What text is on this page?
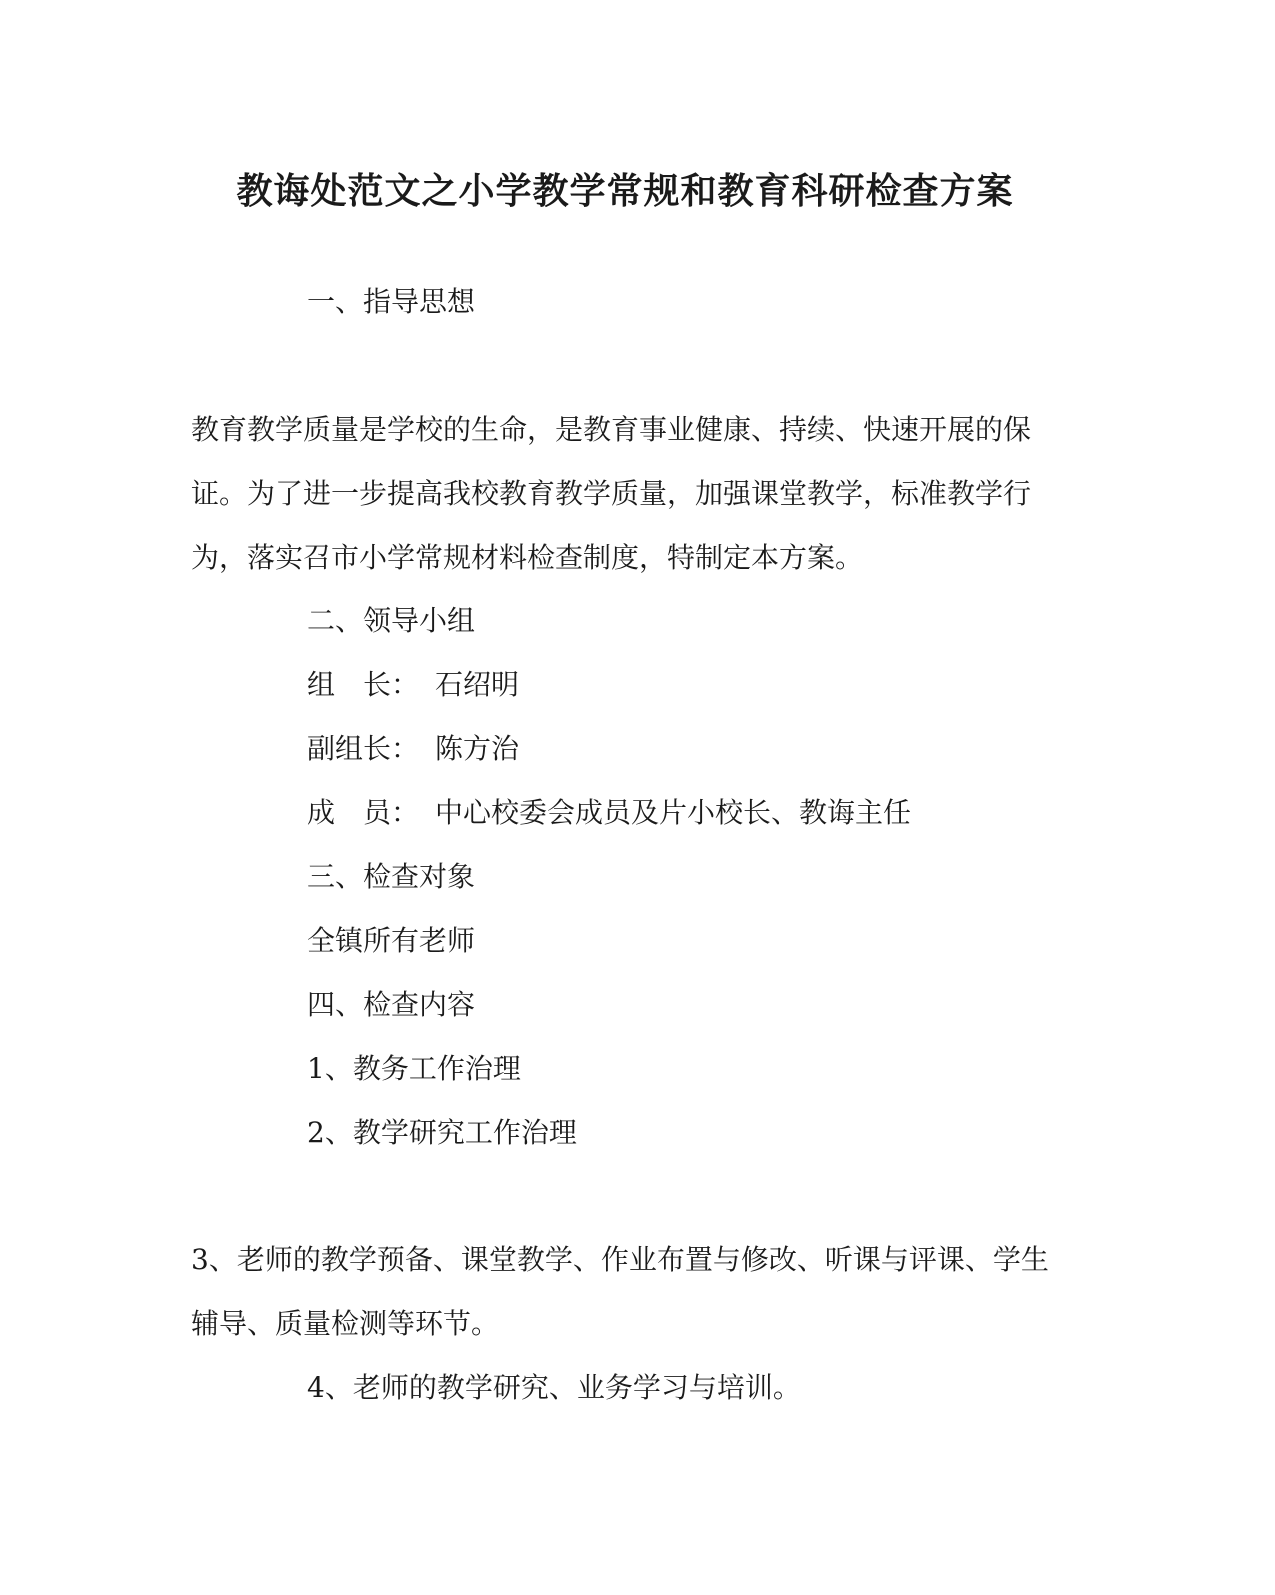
教诲处范文之小学教学常规和教育科研检查方案
一、指导思想
教育教学质量是学校的生命，是教育事业健康、持续、快速开展的保证。为了进一步提高我校教育教学质量，加强课堂教学，标准教学行为，落实召市小学常规材料检查制度，特制定本方案。
二、领导小组
组　长： 石绍明
副组长： 陈方治
成　员： 中心校委会成员及片小校长、教诲主任
三、检查对象
全镇所有老师
四、检查内容
1、教务工作治理
2、教学研究工作治理
3、老师的教学预备、课堂教学、作业布置与修改、听课与评课、学生辅导、质量检测等环节。
4、老师的教学研究、业务学习与培训。
